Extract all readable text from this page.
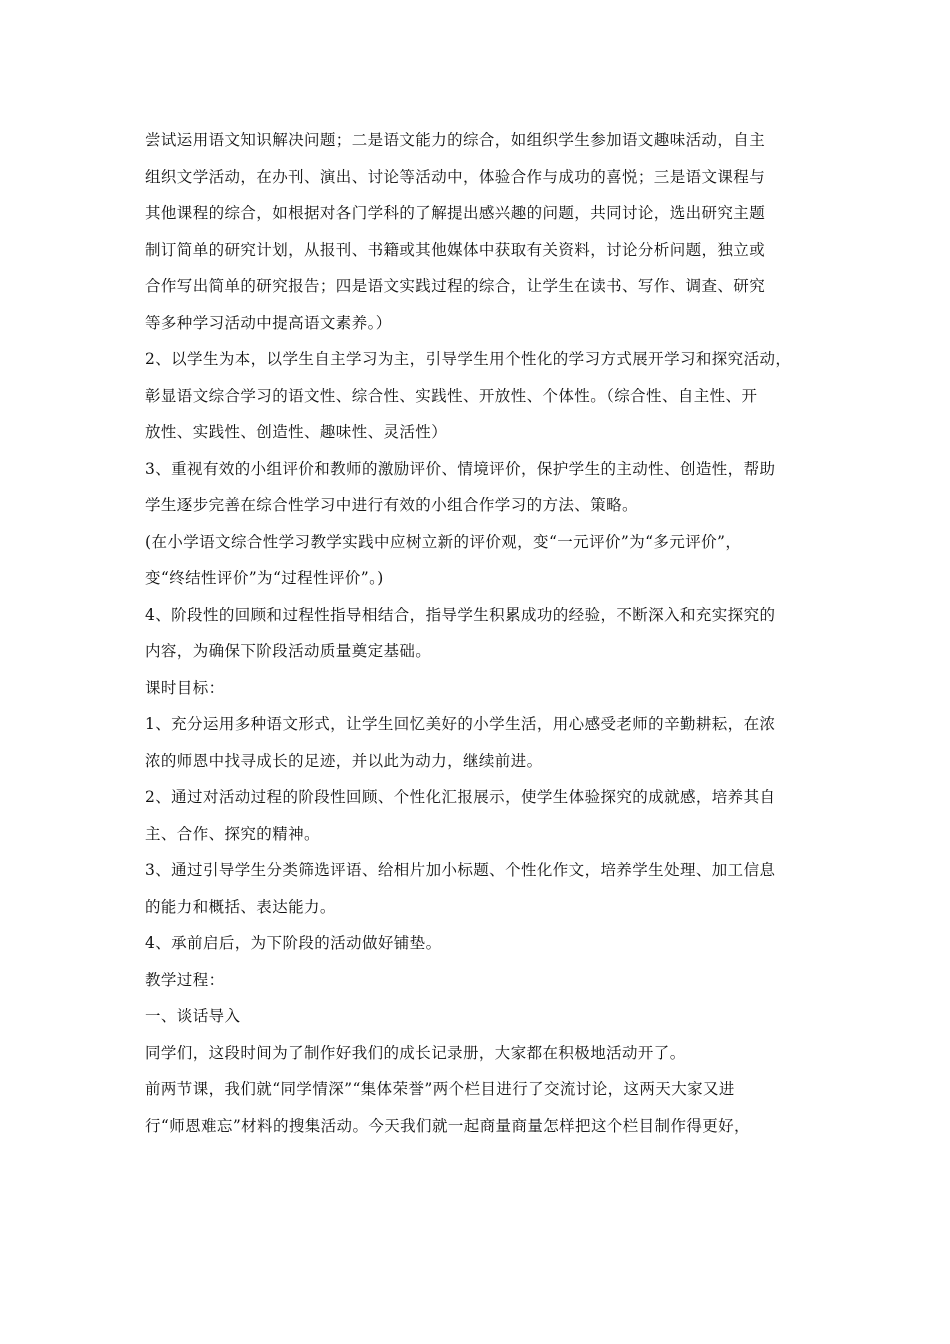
尝试运用语文知识解决问题；二是语文能力的综合，如组织学生参加语文趣味活动，自主
组织文学活动，在办刊、演出、讨论等活动中，体验合作与成功的喜悦；三是语文课程与
其他课程的综合，如根据对各门学科的了解提出感兴趣的问题，共同讨论，选出研究主题
制订简单的研究计划，从报刊、书籍或其他媒体中获取有关资料，讨论分析问题，独立或
合作写出简单的研究报告；四是语文实践过程的综合，让学生在读书、写作、调查、研究
等多种学习活动中提高语文素养。）
2、以学生为本，以学生自主学习为主，引导学生用个性化的学习方式展开学习和探究活动，
彰显语文综合学习的语文性、综合性、实践性、开放性、个体性。（综合性、自主性、开
放性、实践性、创造性、趣味性、灵活性）
3、重视有效的小组评价和教师的激励评价、情境评价，保护学生的主动性、创造性，帮助
学生逐步完善在综合性学习中进行有效的小组合作学习的方法、策略。
(在小学语文综合性学习教学实践中应树立新的评价观，变“一元评价”为“多元评价”，
变“终结性评价”为“过程性评价”。)
4、阶段性的回顾和过程性指导相结合，指导学生积累成功的经验，不断深入和充实探究的
内容，为确保下阶段活动质量奠定基础。
课时目标：
1、充分运用多种语文形式，让学生回忆美好的小学生活，用心感受老师的辛勤耕耘，在浓
浓的师恩中找寻成长的足迹，并以此为动力，继续前进。
2、通过对活动过程的阶段性回顾、个性化汇报展示，使学生体验探究的成就感，培养其自
主、合作、探究的精神。
3、通过引导学生分类筛选评语、给相片加小标题、个性化作文，培养学生处理、加工信息
的能力和概括、表达能力。
4、承前启后，为下阶段的活动做好铺垫。
教学过程：
一、谈话导入
同学们，这段时间为了制作好我们的成长记录册，大家都在积极地活动开了。
前两节课，我们就“同学情深”“集体荣誉”两个栏目进行了交流讨论，这两天大家又进
行“师恩难忘”材料的搜集活动。今天我们就一起商量商量怎样把这个栏目制作得更好，
